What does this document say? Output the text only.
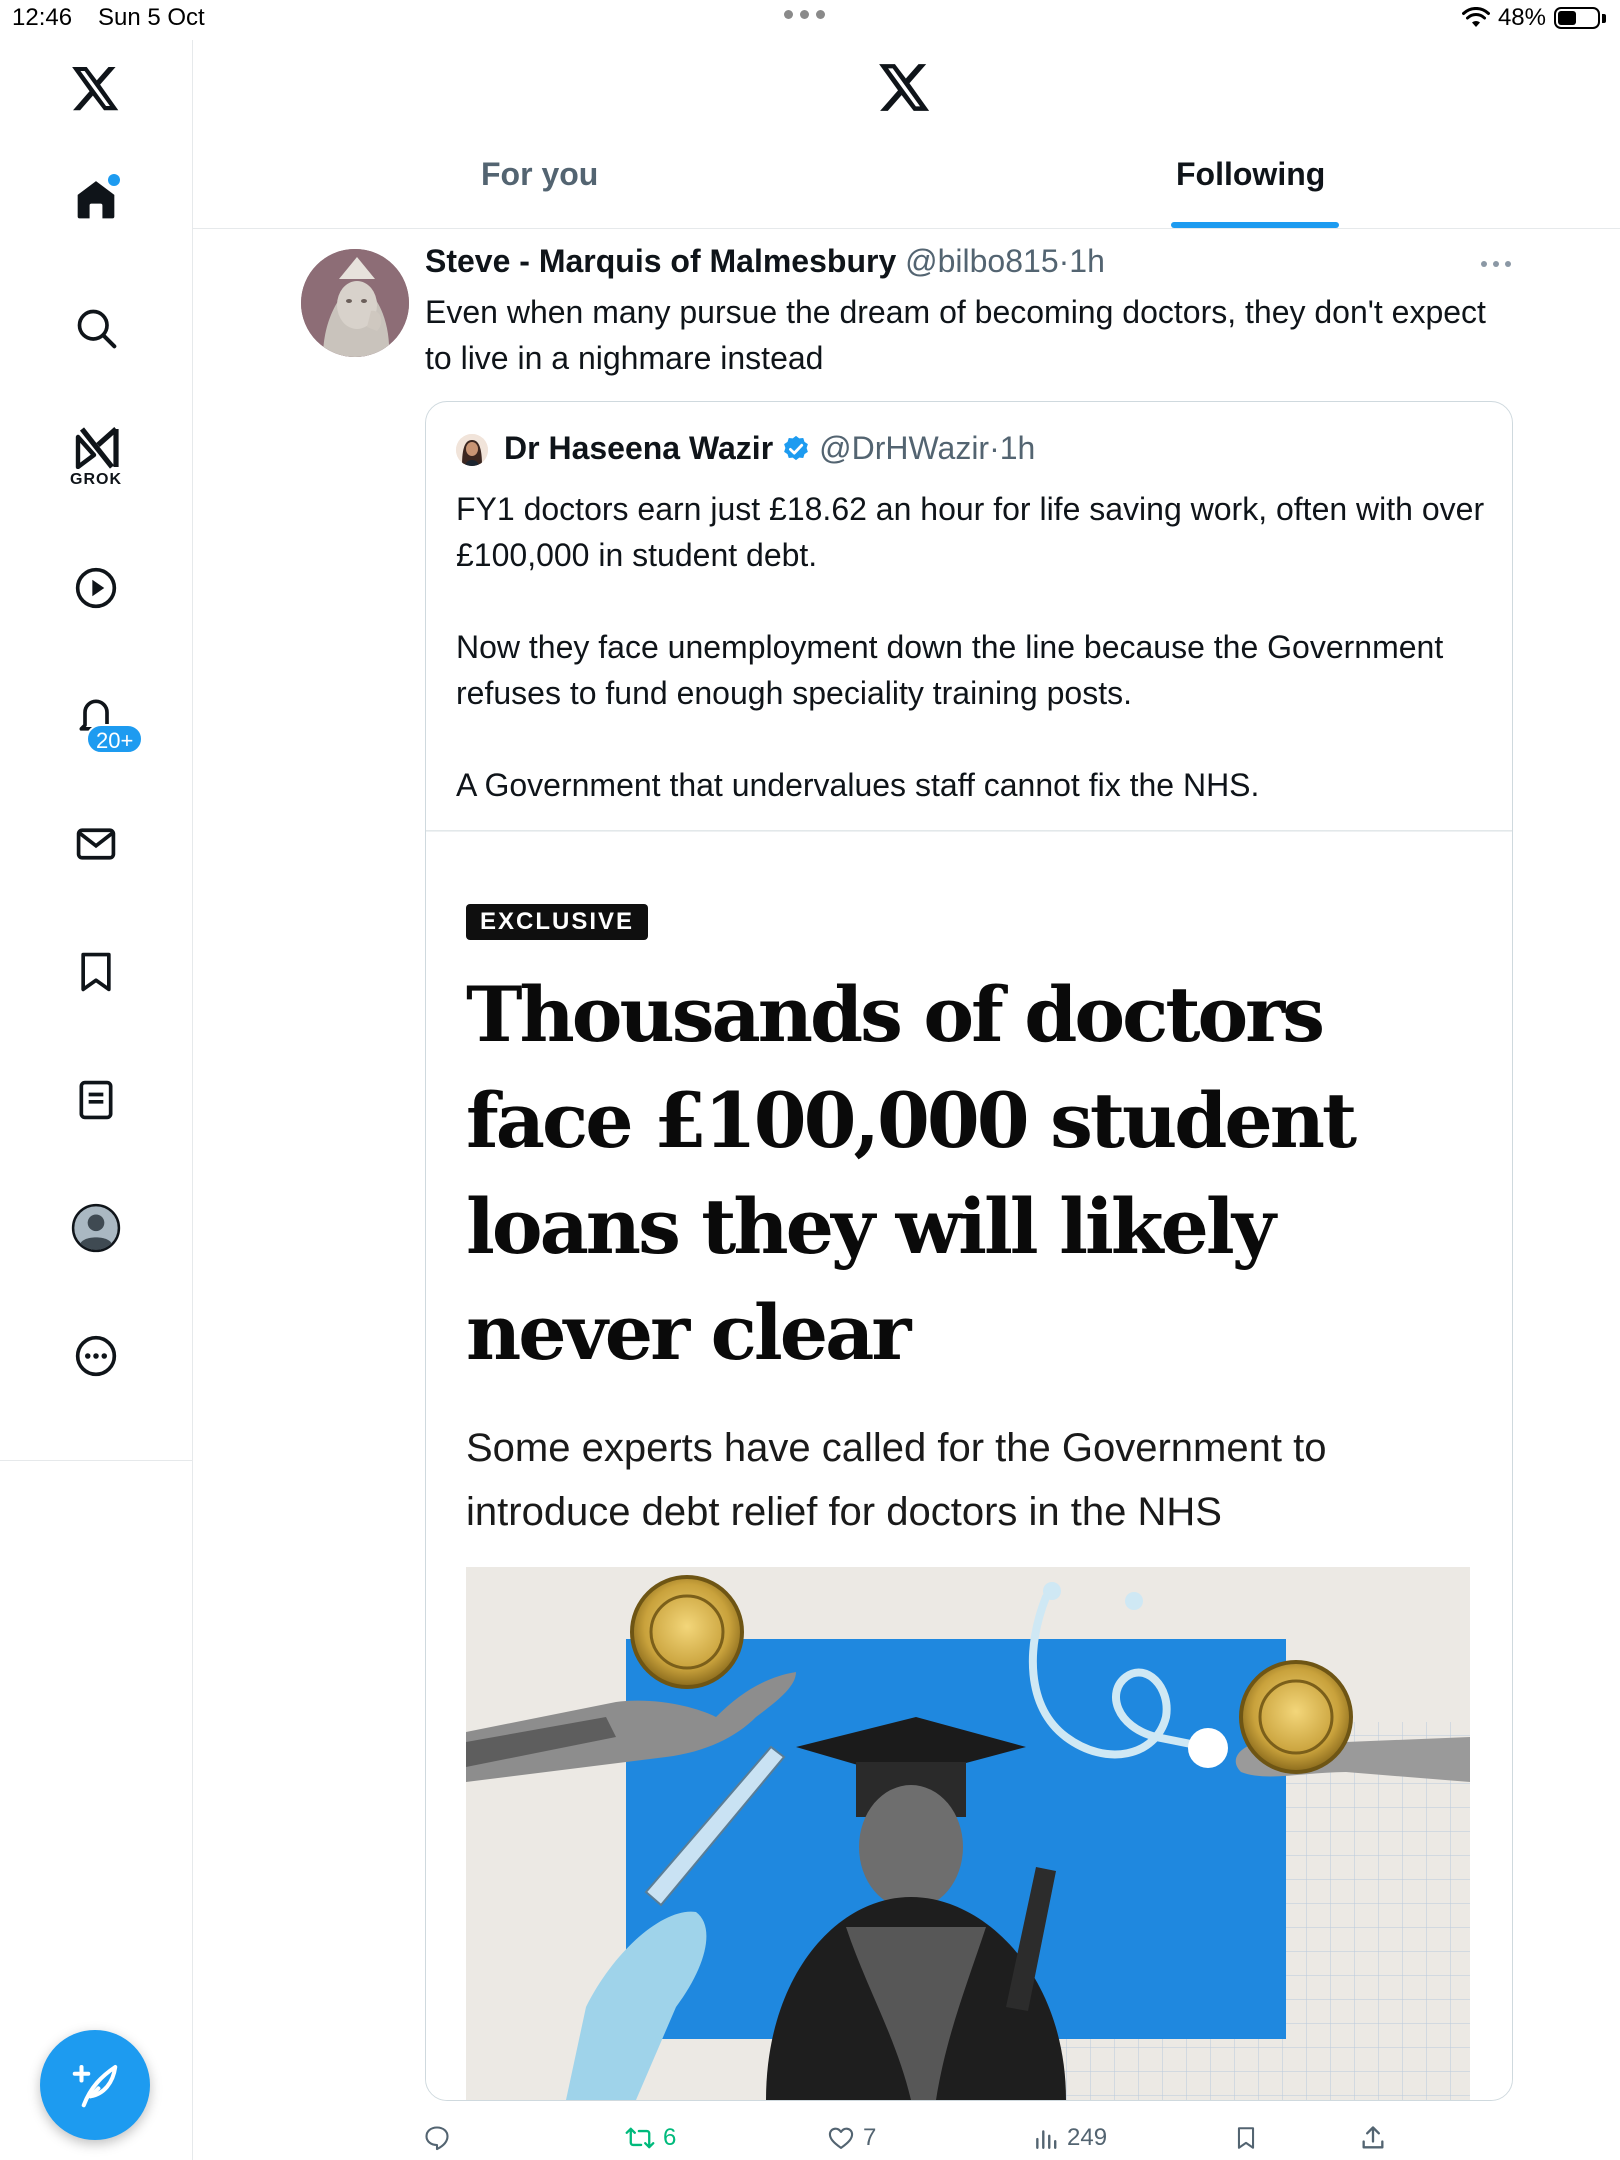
12:46 Sun 5 Oct	48%
GROK
20+
For you	Following
Steve - Marquis of Malmesbury @bilbo815·1h
Even when many pursue the dream of becoming doctors, they don't expect to live in a nighmare instead
Dr Haseena Wazir @DrHWazir · 1h

FY1 doctors earn just £18.62 an hour for life saving work, often with over £100,000 in student debt.

Now they face unemployment down the line because the Government refuses to fund enough speciality training posts.

A Government that undervalues staff cannot fix the NHS.

EXCLUSIVE
Thousands of doctors face £100,000 student loans they will likely never clear
Some experts have called for the Government to introduce debt relief for doctors in the NHS
6	7	249
